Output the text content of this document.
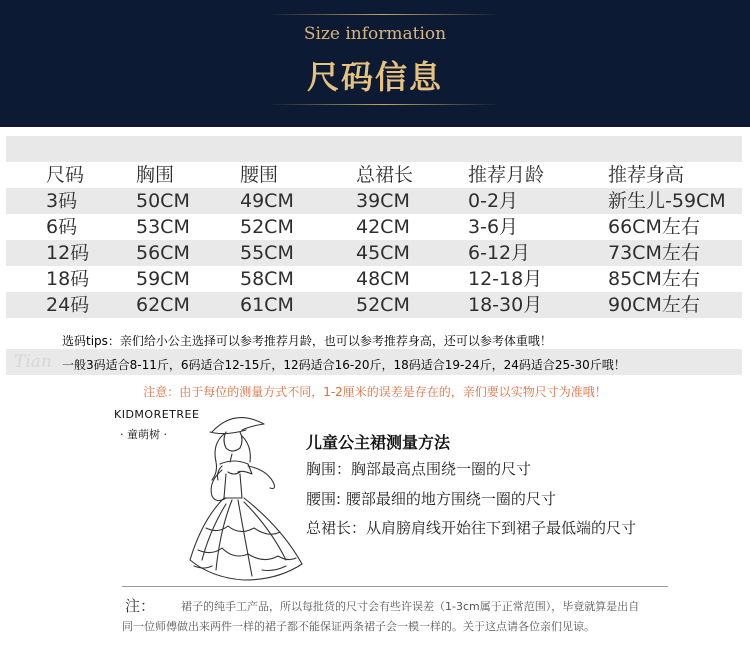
Size information
尺码信息
尺码	胸围	腰围	总裙长	推荐月龄	推荐身高
3码	50CM	49CM	39CM	0-2月	新生儿-59CM
6码	53CM	52CM	42CM	3-6月	66CM左右
12码 56CM	55CM	45CM	6-12月	73CM左右
18码 59CM	58CM	48CM	12-18月	85CM左右
24码 62CM	61CM	52CM	18-30月	90CM左右
选码tips：亲们给小公主选择可以参考推荐月龄，也可以参考推荐身高，还可以参考体重哦！
Tian 一般3码适合8-11斤，6码适合12-15斤，12码适合16-20斤，18码适合19-24斤，24码适合25-30斤哦！
注意：由于每位的测量方式不同，1-2厘米的误差是存在的，亲们要以实物尺寸为准哦！
KIDMORETREE
· 童萌树 ·	儿童公主裙测量方法
胸围：胸部最高点围绕一圈的尺寸
腰围: 腰部最细的地方围绕一圈的尺寸
总裙长：从肩膀肩线开始往下到裙子最低端的尺寸
注： 裙子的纯手工产品，所以每批货的尺寸会有些许误差（1-3cm属于正常范围），毕竟就算是出自
同一位师傅做出来两件一样的裙子都不能保证两条裙子会一模一样的。关于这点请各位亲们见谅。
